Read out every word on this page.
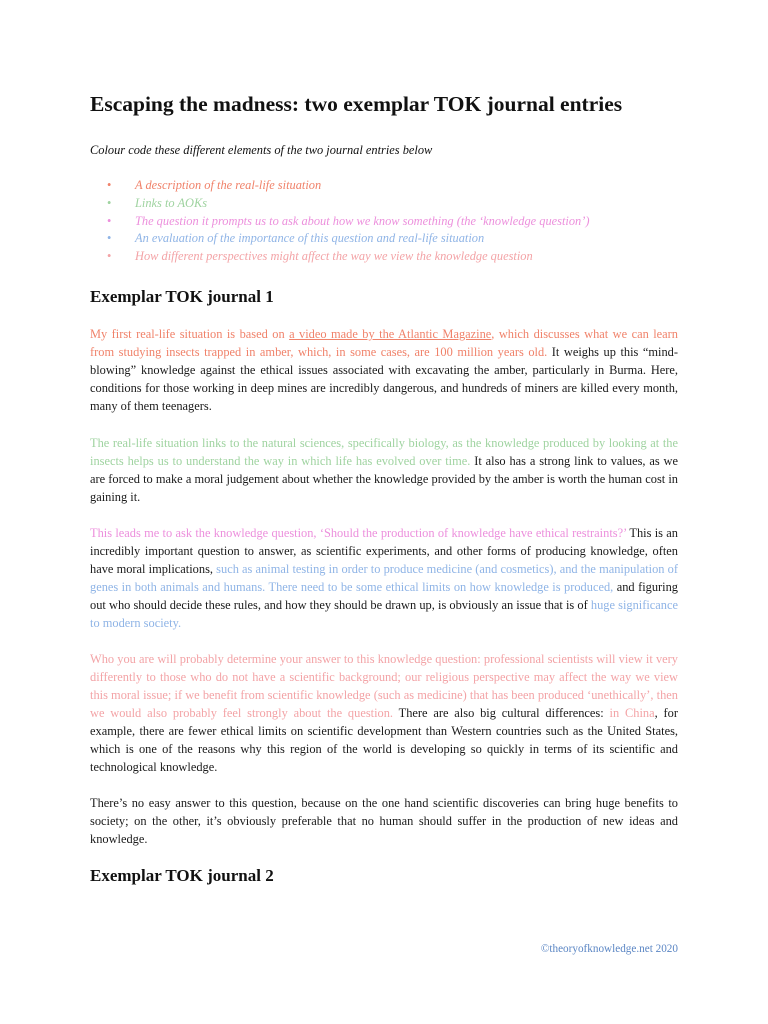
Escaping the madness: two exemplar TOK journal entries

Colour code these different elements of the two journal entries below

• A description of the real-life situation
• Links to AOKs
• The question it prompts us to ask about how we know something (the ‘knowledge question’)
• An evaluation of the importance of this question and real-life situation
• How different perspectives might affect the way we view the knowledge question
Exemplar TOK journal 1

My first real-life situation is based on a video made by the Atlantic Magazine, which discusses what we can learn from studying insects trapped in amber, which, in some cases, are 100 million years old. It weighs up this “mind-blowing” knowledge against the ethical issues associated with excavating the amber, particularly in Burma. Here, conditions for those working in deep mines are incredibly dangerous, and hundreds of miners are killed every month, many of them teenagers.

The real-life situation links to the natural sciences, specifically biology, as the knowledge produced by looking at the insects helps us to understand the way in which life has evolved over time. It also has a strong link to values, as we are forced to make a moral judgement about whether the knowledge provided by the amber is worth the human cost in gaining it.

This leads me to ask the knowledge question, ‘Should the production of knowledge have ethical restraints?’ This is an incredibly important question to answer, as scientific experiments, and other forms of producing knowledge, often have moral implications, such as animal testing in order to produce medicine (and cosmetics), and the manipulation of genes in both animals and humans. There need to be some ethical limits on how knowledge is produced, and figuring out who should decide these rules, and how they should be drawn up, is obviously an issue that is of huge significance to modern society.

Who you are will probably determine your answer to this knowledge question: professional scientists will view it very differently to those who do not have a scientific background; our religious perspective may affect the way we view this moral issue; if we benefit from scientific knowledge (such as medicine) that has been produced ‘unethically’, then we would also probably feel strongly about the question. There are also big cultural differences: in China, for example, there are fewer ethical limits on scientific development than Western countries such as the United States, which is one of the reasons why this region of the world is developing so quickly in terms of its scientific and technological knowledge.

There’s no easy answer to this question, because on the one hand scientific discoveries can bring huge benefits to society; on the other, it’s obviously preferable that no human should suffer in the production of new ideas and knowledge.

Exemplar TOK journal 2
©theoryofknowledge.net 2020
